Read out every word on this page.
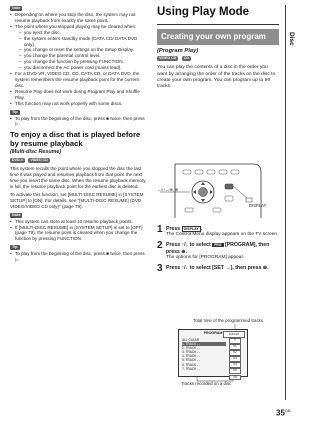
Disc
Note
• Depending on where you stop the disc, the system may not resume playback from exactly the same point.
• The point where you stopped playing may be cleared when:
– you eject the disc.
– the system enters standby mode (DATA CD/ DATA DVD only).
– you change or reset the settings on the Setup Display.
– you change the parental control level.
– you change the function by pressing FUNCTION.
– you disconnect the AC power cord (mains lead).
• For a DVD-VR, VIDEO CD, CD, DATA CD, or DATA DVD, the system remembers the resume playback point for the current disc.
• Resume Play does not work during Program Play and Shuffle Play.
• This function may not work properly with some discs.
Tip
• To play from the beginning of the disc, press ■ twice, then press ▷.
To enjoy a disc that is played before by resume playback
(Multi-disc Resume)
DVD-V VIDEO CD

This system recalls the point where you stopped the disc the last time it was played and resumes playback from that point the next time you insert the same disc. When the resume playback memory is full, the resume playback point for the earliest disc is deleted.

To activate this function, set [MULTI-DISC RESUME] in [SYSTEM SETUP] to [ON]. For details, see "[MULTI-DISC RESUME] (DVD VIDEO/VIDEO CD only)" (page 79).

Note
• This system can store at least 10 resume playback points.
• If [MULTI-DISC RESUME] in [SYSTEM SETUP] is set to [OFF] (page 79), the resume point is cleared when you change the function by pressing FUNCTION.
Tip
• To play from the beginning of the disc, press ■ twice, then press ▷.
Using Play Mode
Creating your own program
(Program Play)
VIDEO CD CD

You can play the contents of a disc in the order you want by arranging the order of the tracks on the disc to create your own program. You can program up to 99 tracks.

←/↑/→/⊕, ⊕
DISPLAY
1 Press DISPLAY .
The Control Menu display appears on the TV screen.
2 Press ↑/↓ to select PRG [PROGRAM], then press ⊕.
The options for [PROGRAM] appear.
3 Press ↑/↓ to select [SET →], then press ⊕.
Total time of the programmed tracks
PROGRAM	0:00:00
ALL CLEAR
1. TRACK - -
2. TRACK - -
3. TRACK - -
4. TRACK - -
5. TRACK - -
6. TRACK - -
7. TRACK - -
T
01
02
03
04
05
06
Tracks recorded on a disc
$35^{GB}$
